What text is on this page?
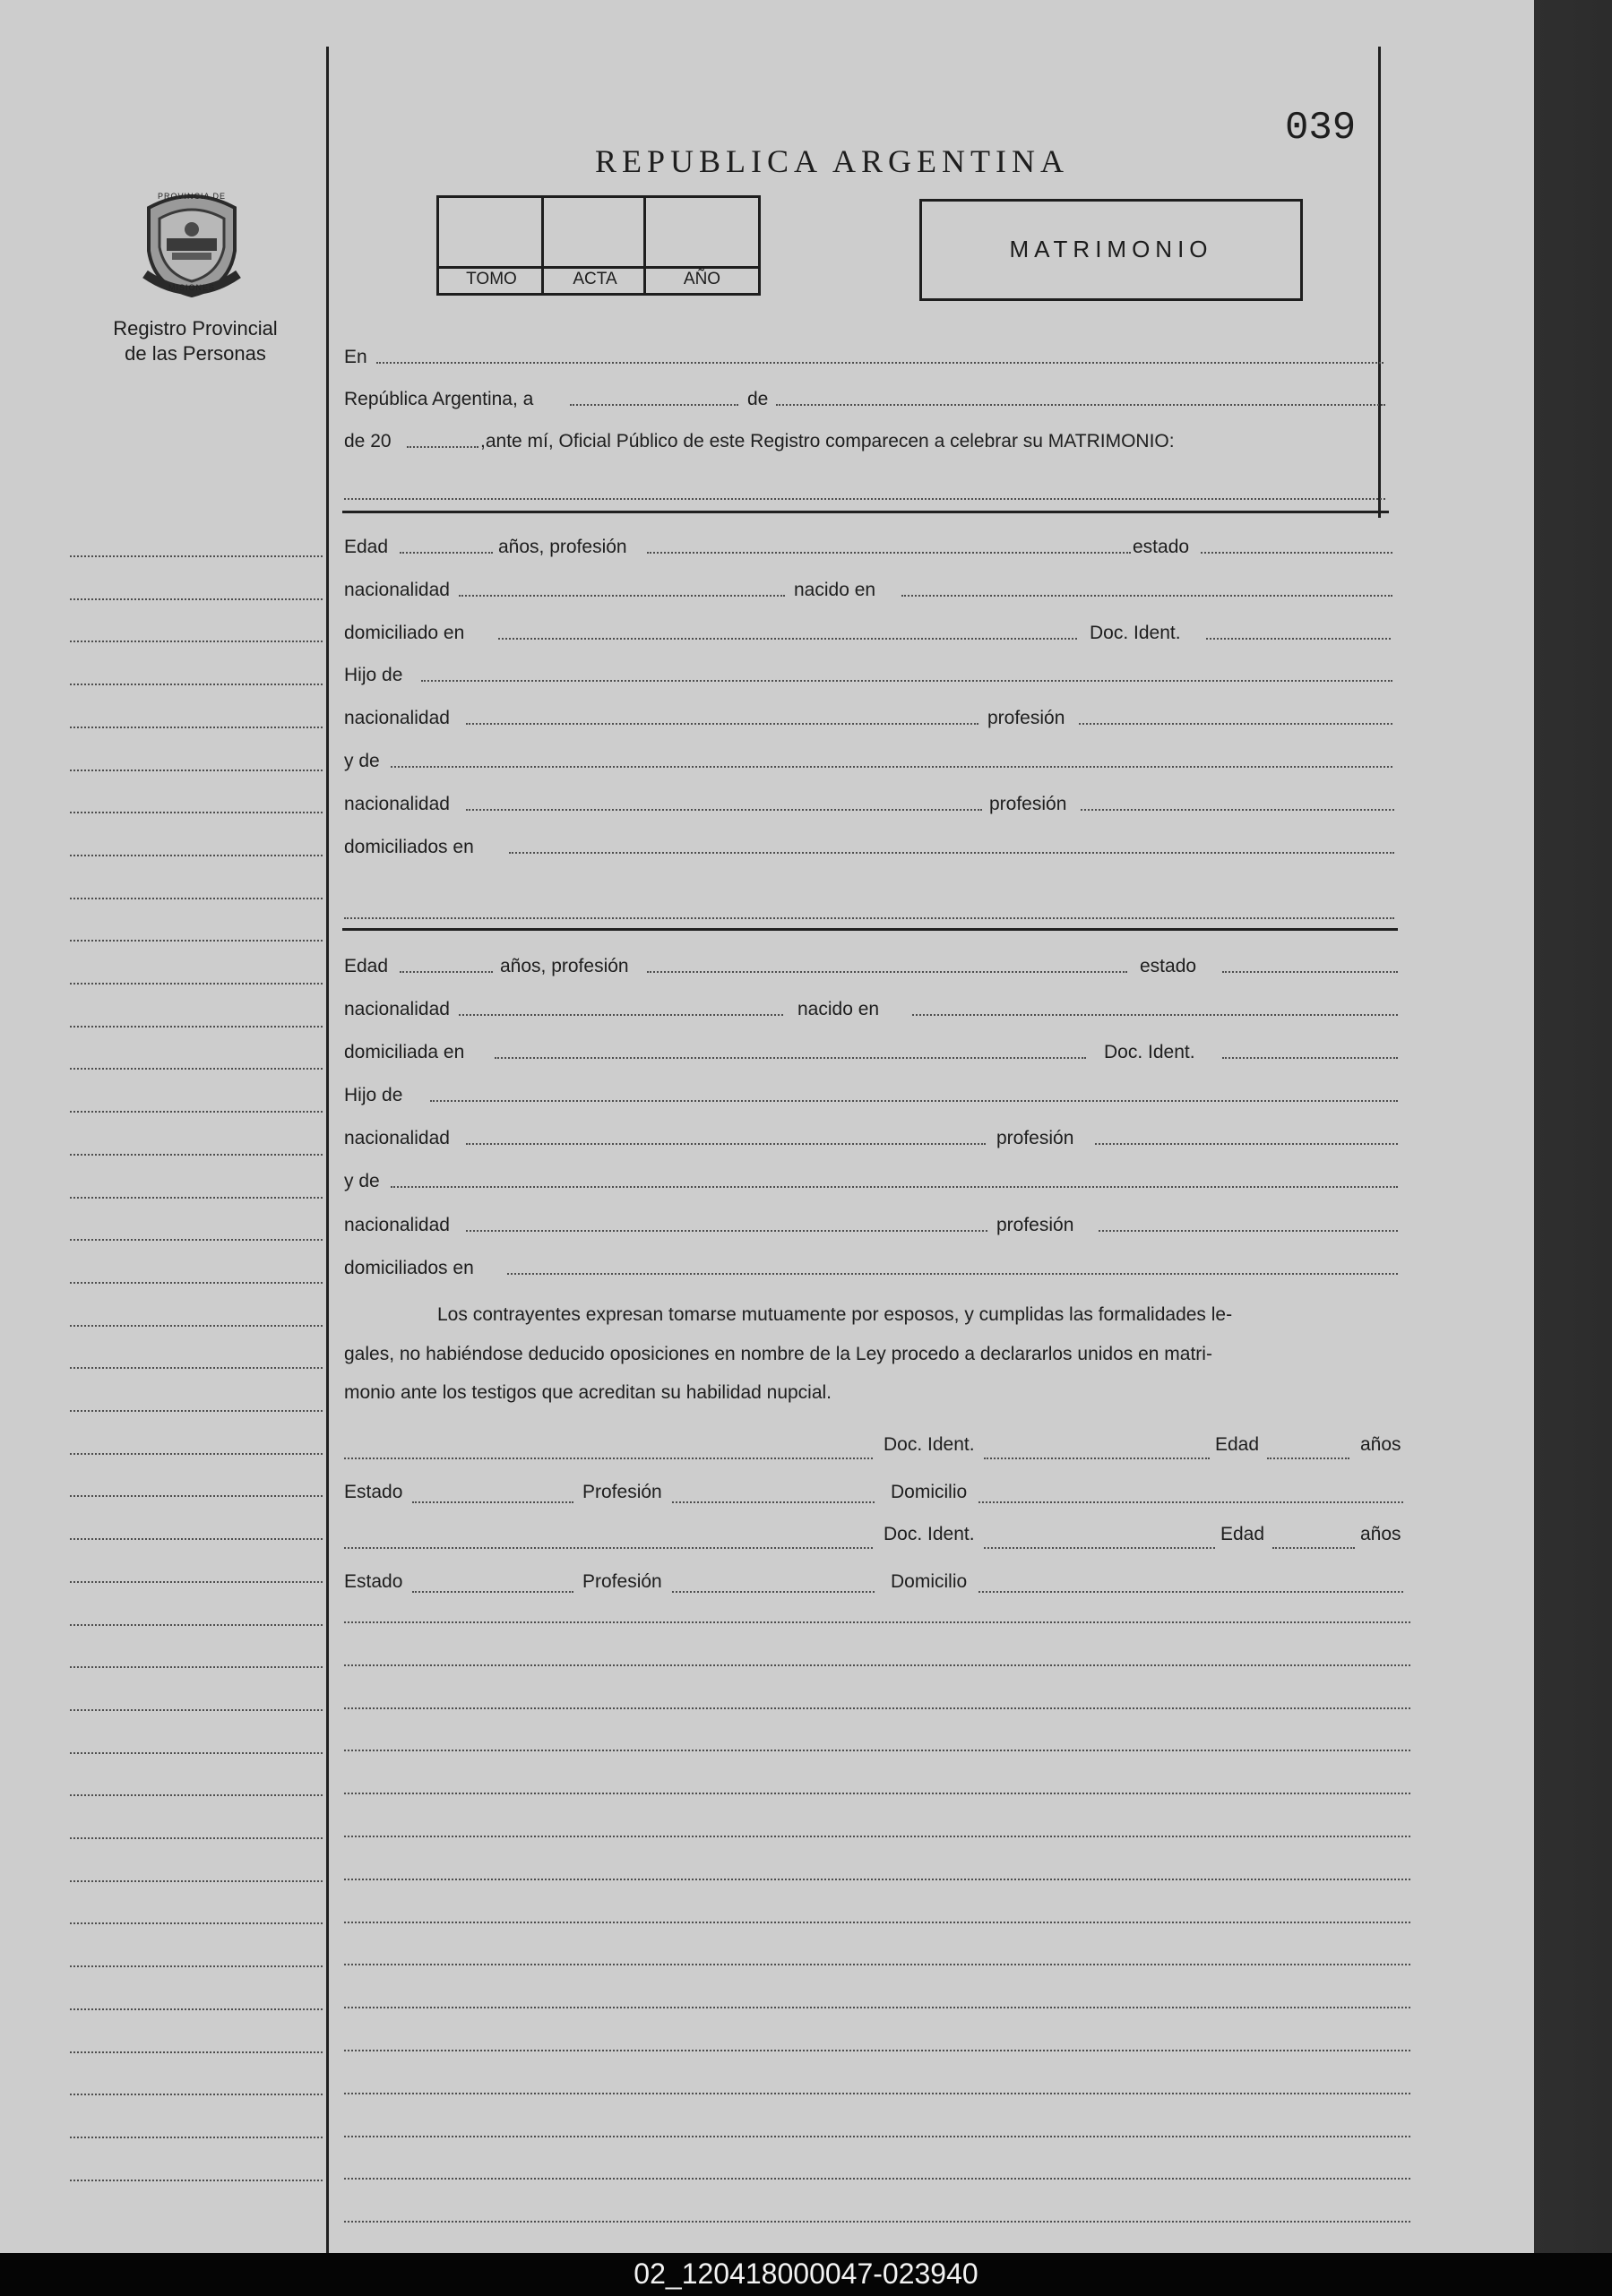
039
REPUBLICA ARGENTINA
TOMO	ACTA	AÑO
MATRIMONIO
PROVINCIA DE
MISIONES
Registro Provincial
de las Personas	En
República Argentina, a	de
de 20	,ante mí, Oficial Público de este Registro comparecen a celebrar su MATRIMONIO:
Edad	años, profesión	estado
nacionalidad	nacido en
domiciliado en	Doc. Ident.
Hijo de
nacionalidad	profesión
y de
nacionalidad	profesión
domiciliados en
Edad	años, profesión	estado
nacionalidad	nacido en
domiciliada en	Doc. Ident.
Hijo de
nacionalidad	profesión
y de
nacionalidad	profesión
domiciliados en
Los contrayentes expresan tomarse mutuamente por esposos, y cumplidas las formalidades le-
gales, no habiéndose deducido oposiciones en nombre de la Ley procedo a declararlos unidos en matri-
monio ante los testigos que acreditan su habilidad nupcial.
Doc. Ident.	Edad	años
Estado	Profesión	Domicilio
Doc. Ident.	Edad	años
Estado	Profesión	Domicilio
02_120418000047-023940
